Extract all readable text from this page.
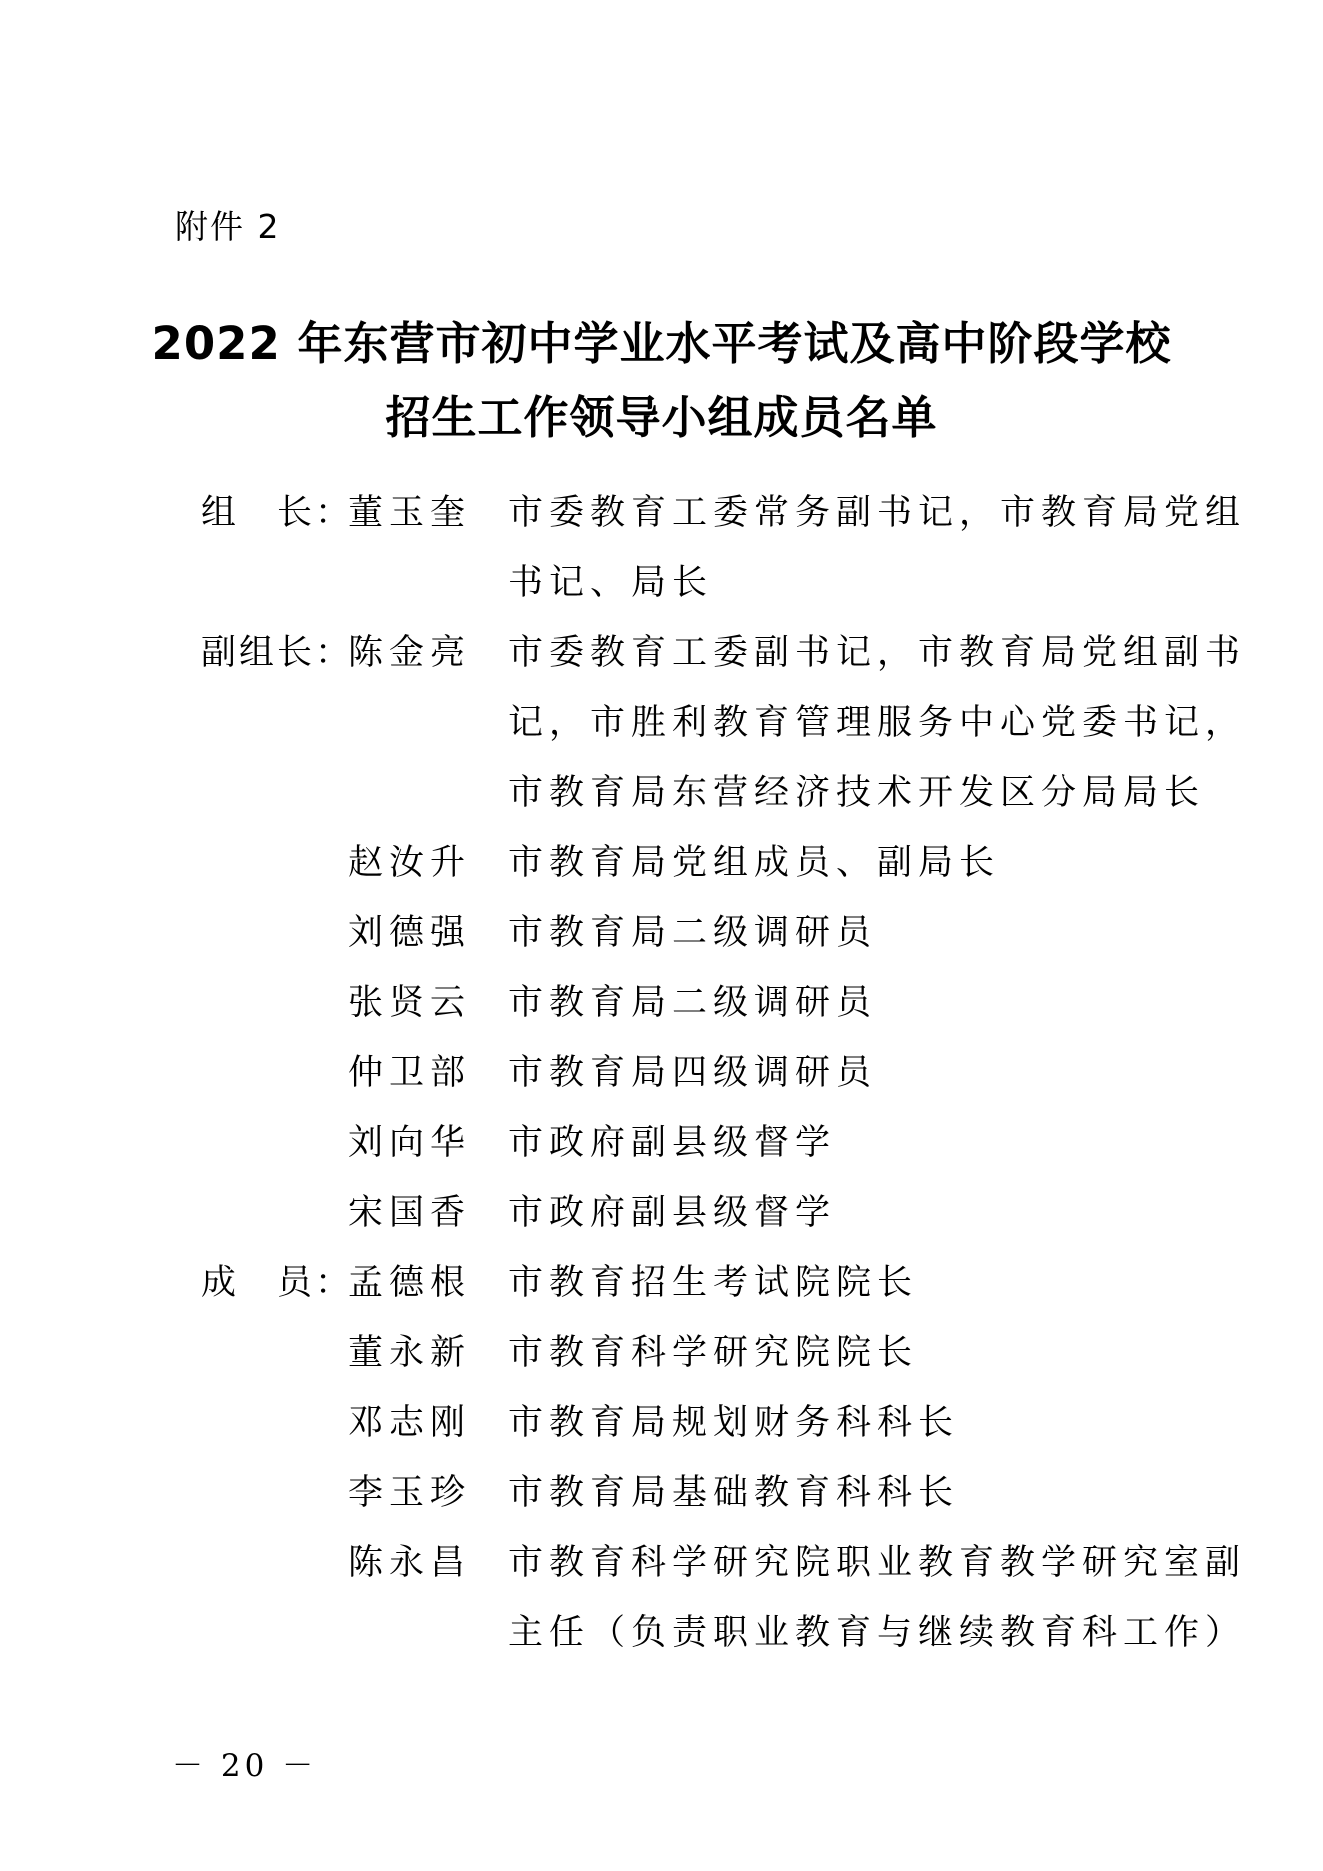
附件 2
2022 年东营市初中学业水平考试及高中阶段学校
招生工作领导小组成员名单
组　长：
董玉奎 市委教育工委常务副书记，市教育局党组
书记、局长
副组长：
陈金亮 市委教育工委副书记，市教育局党组副书
记，市胜利教育管理服务中心党委书记，
市教育局东营经济技术开发区分局局长
赵汝升 市教育局党组成员、副局长
刘德强 市教育局二级调研员
张贤云 市教育局二级调研员
仲卫部 市教育局四级调研员
刘向华 市政府副县级督学
宋国香 市政府副县级督学
成　员：
孟德根 市教育招生考试院院长
董永新 市教育科学研究院院长
邓志刚 市教育局规划财务科科长
李玉珍 市教育局基础教育科科长
陈永昌 市教育科学研究院职业教育教学研究室副
主任（负责职业教育与继续教育科工作）
－ 20 －
